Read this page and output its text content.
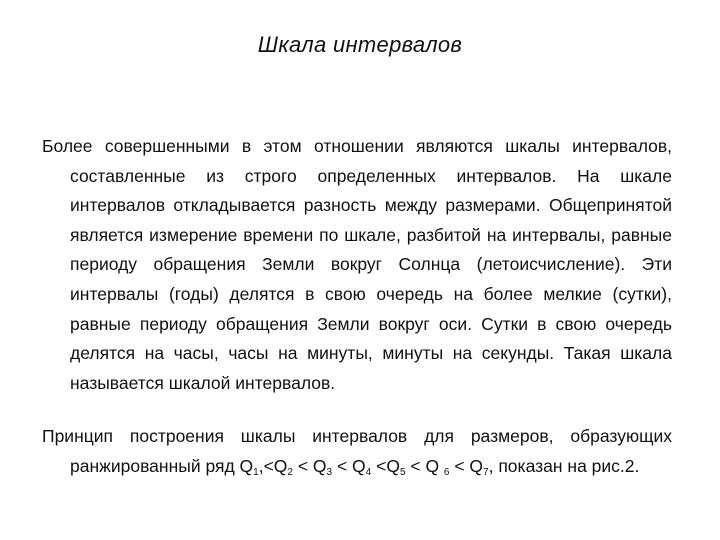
Шкала интервалов
Более совершенными в этом отношении являются шкалы интервалов,
составленные из строго определенных интервалов. На шкале интервалов откладывается разность между размерами. Общепринятой является измерение времени по шкале, разбитой на интервалы, равные периоду обращения Земли вокруг Солнца (летоисчисление). Эти интервалы (годы) делятся в свою очередь на более мелкие (сутки), равные периоду обращения Земли вокруг оси. Сутки в свою очередь делятся на часы, часы на минуты, минуты на секунды. Такая шкала называется шкалой интервалов.
Принцип построения шкалы интервалов для размеров, образующих
ранжированный ряд $Q_1,<Q_2 < Q_3 < Q_4 <Q_5 < Q$ $_6 < Q_7$, показан на рис.2.
